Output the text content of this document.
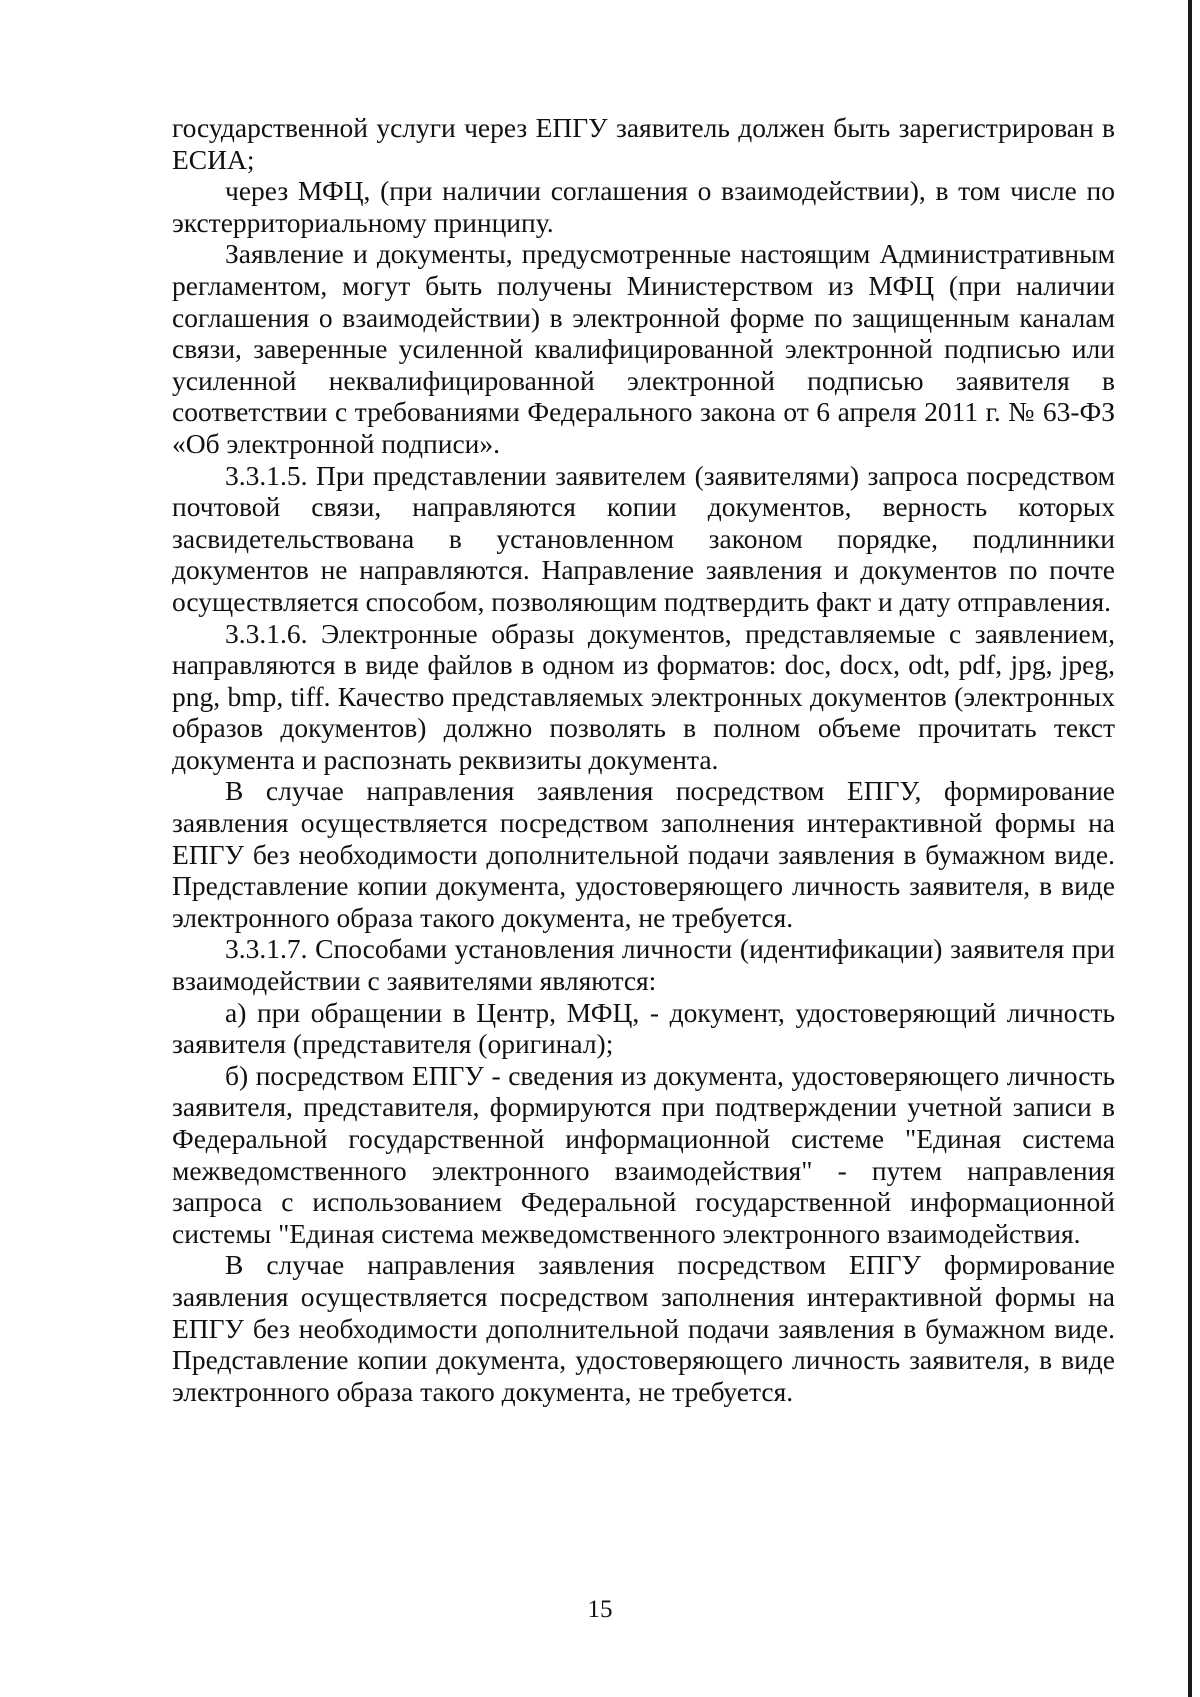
государственной услуги через ЕПГУ заявитель должен быть зарегистрирован в ЕСИА;

через МФЦ, (при наличии соглашения о взаимодействии), в том числе по экстерриториальному принципу.

Заявление и документы, предусмотренные настоящим Административным регламентом, могут быть получены Министерством из МФЦ (при наличии соглашения о взаимодействии) в электронной форме по защищенным каналам связи, заверенные усиленной квалифицированной электронной подписью или усиленной неквалифицированной электронной подписью заявителя в соответствии с требованиями Федерального закона от 6 апреля 2011 г. № 63-ФЗ «Об электронной подписи».

3.3.1.5. При представлении заявителем (заявителями) запроса посредством почтовой связи, направляются копии документов, верность которых засвидетельствована в установленном законом порядке, подлинники документов не направляются. Направление заявления и документов по почте осуществляется способом, позволяющим подтвердить факт и дату отправления.

3.3.1.6. Электронные образы документов, представляемые с заявлением, направляются в виде файлов в одном из форматов: doc, docx, odt, pdf, jpg, jpeg, png, bmp, tiff. Качество представляемых электронных документов (электронных образов документов) должно позволять в полном объеме прочитать текст документа и распознать реквизиты документа.

В случае направления заявления посредством ЕПГУ, формирование заявления осуществляется посредством заполнения интерактивной формы на ЕПГУ без необходимости дополнительной подачи заявления в бумажном виде. Представление копии документа, удостоверяющего личность заявителя, в виде электронного образа такого документа, не требуется.

3.3.1.7. Способами установления личности (идентификации) заявителя при взаимодействии с заявителями являются:

а) при обращении в Центр, МФЦ, - документ, удостоверяющий личность заявителя (представителя (оригинал);

б) посредством ЕПГУ - сведения из документа, удостоверяющего личность заявителя, представителя, формируются при подтверждении учетной записи в Федеральной государственной информационной системе "Единая система межведомственного электронного взаимодействия" - путем направления запроса с использованием Федеральной государственной информационной системы "Единая система межведомственного электронного взаимодействия.

В случае направления заявления посредством ЕПГУ формирование заявления осуществляется посредством заполнения интерактивной формы на ЕПГУ без необходимости дополнительной подачи заявления в бумажном виде. Представление копии документа, удостоверяющего личность заявителя, в виде электронного образа такого документа, не требуется.

15
